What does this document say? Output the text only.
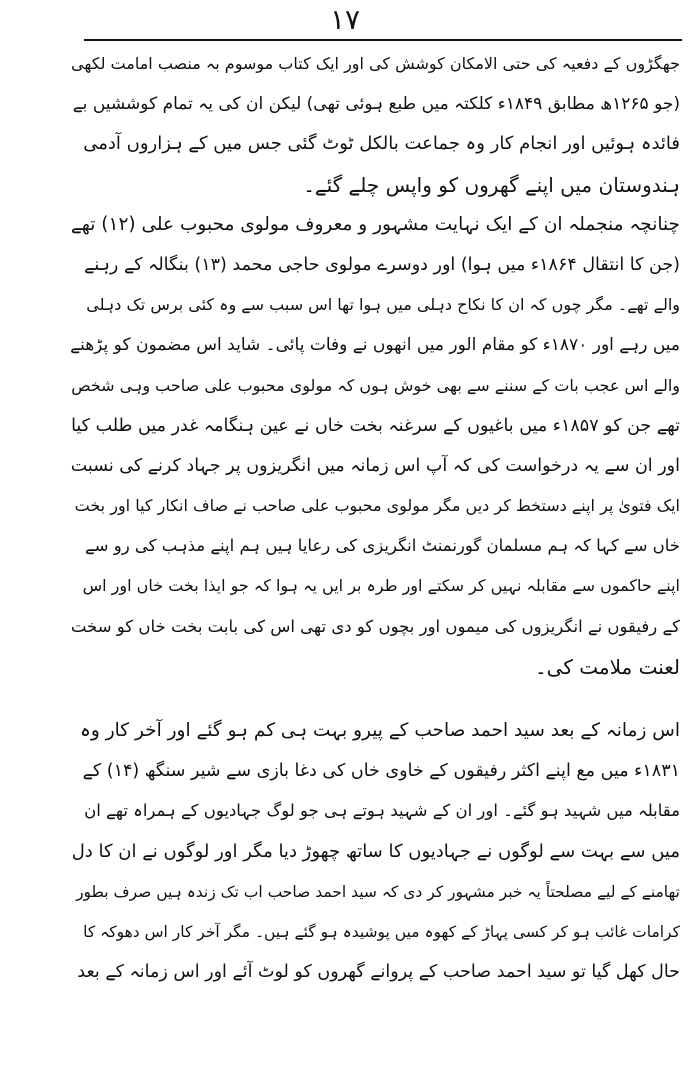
۱۷
جھگڑوں کے دفعیہ کی حتی الامکان کوشش کی اور ایک کتاب موسوم بہ منصب امامت لکھی
(جو ۱۲۶۵ھ مطابق ۱۸۴۹ء کلکتہ میں طبع ہوئی تھی) لیکن ان کی یہ تمام کوششیں بے
فائدہ ہوئیں اور انجام کار وہ جماعت بالکل ٹوٹ گئی جس میں کے ہزاروں آدمی
ہندوستان میں اپنے گھروں کو واپس چلے گئے۔
چنانچہ منجملہ ان کے ایک نہایت مشہور و معروف مولوی محبوب علی (۱۲) تھے
(جن کا انتقال ۱۸۶۴ء میں ہوا) اور دوسرے مولوی حاجی محمد (۱۳) بنگالہ کے رہنے
والے تھے۔ مگر چوں کہ ان کا نکاح دہلی میں ہوا تھا اس سبب سے وہ کئی برس تک دہلی
میں رہے اور ۱۸۷۰ء کو مقام الور میں انھوں نے وفات پائی۔ شاید اس مضمون کو پڑھنے
والے اس عجب بات کے سننے سے بھی خوش ہوں کہ مولوی محبوب علی صاحب وہی شخص
تھے جن کو ۱۸۵۷ء میں باغیوں کے سرغنہ بخت خاں نے عین ہنگامہ غدر میں طلب کیا
اور ان سے یہ درخواست کی کہ آپ اس زمانہ میں انگریزوں پر جہاد کرنے کی نسبت
ایک فتویٰ پر اپنے دستخط کر دیں مگر مولوی محبوب علی صاحب نے صاف انکار کیا اور بخت
خاں سے کہا کہ ہم مسلمان گورنمنٹ انگریزی کی رعایا ہیں ہم اپنے مذہب کی رو سے
اپنے حاکموں سے مقابلہ نہیں کر سکتے اور طرہ بر ایں یہ ہوا کہ جو ایذا بخت خاں اور اس
کے رفیقوں نے انگریزوں کی میموں اور بچوں کو دی تھی اس کی بابت بخت خاں کو سخت
لعنت ملامت کی۔
اس زمانہ کے بعد سید احمد صاحب کے پیرو بہت ہی کم ہو گئے اور آخر کار وہ
۱۸۳۱ء میں مع اپنے اکثر رفیقوں کے خاوی خاں کی دغا بازی سے شیر سنگھ (۱۴) کے
مقابلہ میں شہید ہو گئے۔ اور ان کے شہید ہوتے ہی جو لوگ جہادیوں کے ہمراہ تھے ان
میں سے بہت سے لوگوں نے جہادیوں کا ساتھ چھوڑ دیا مگر اور لوگوں نے ان کا دل
تھامنے کے لیے مصلحتاً یہ خبر مشہور کر دی کہ سید احمد صاحب اب تک زندہ ہیں صرف بطور
کرامات غائب ہو کر کسی پہاڑ کے کھوہ میں پوشیدہ ہو گئے ہیں۔ مگر آخر کار اس دھوکہ کا
حال کھل گیا تو سید احمد صاحب کے پروانے گھروں کو لوٹ آئے اور اس زمانہ کے بعد
